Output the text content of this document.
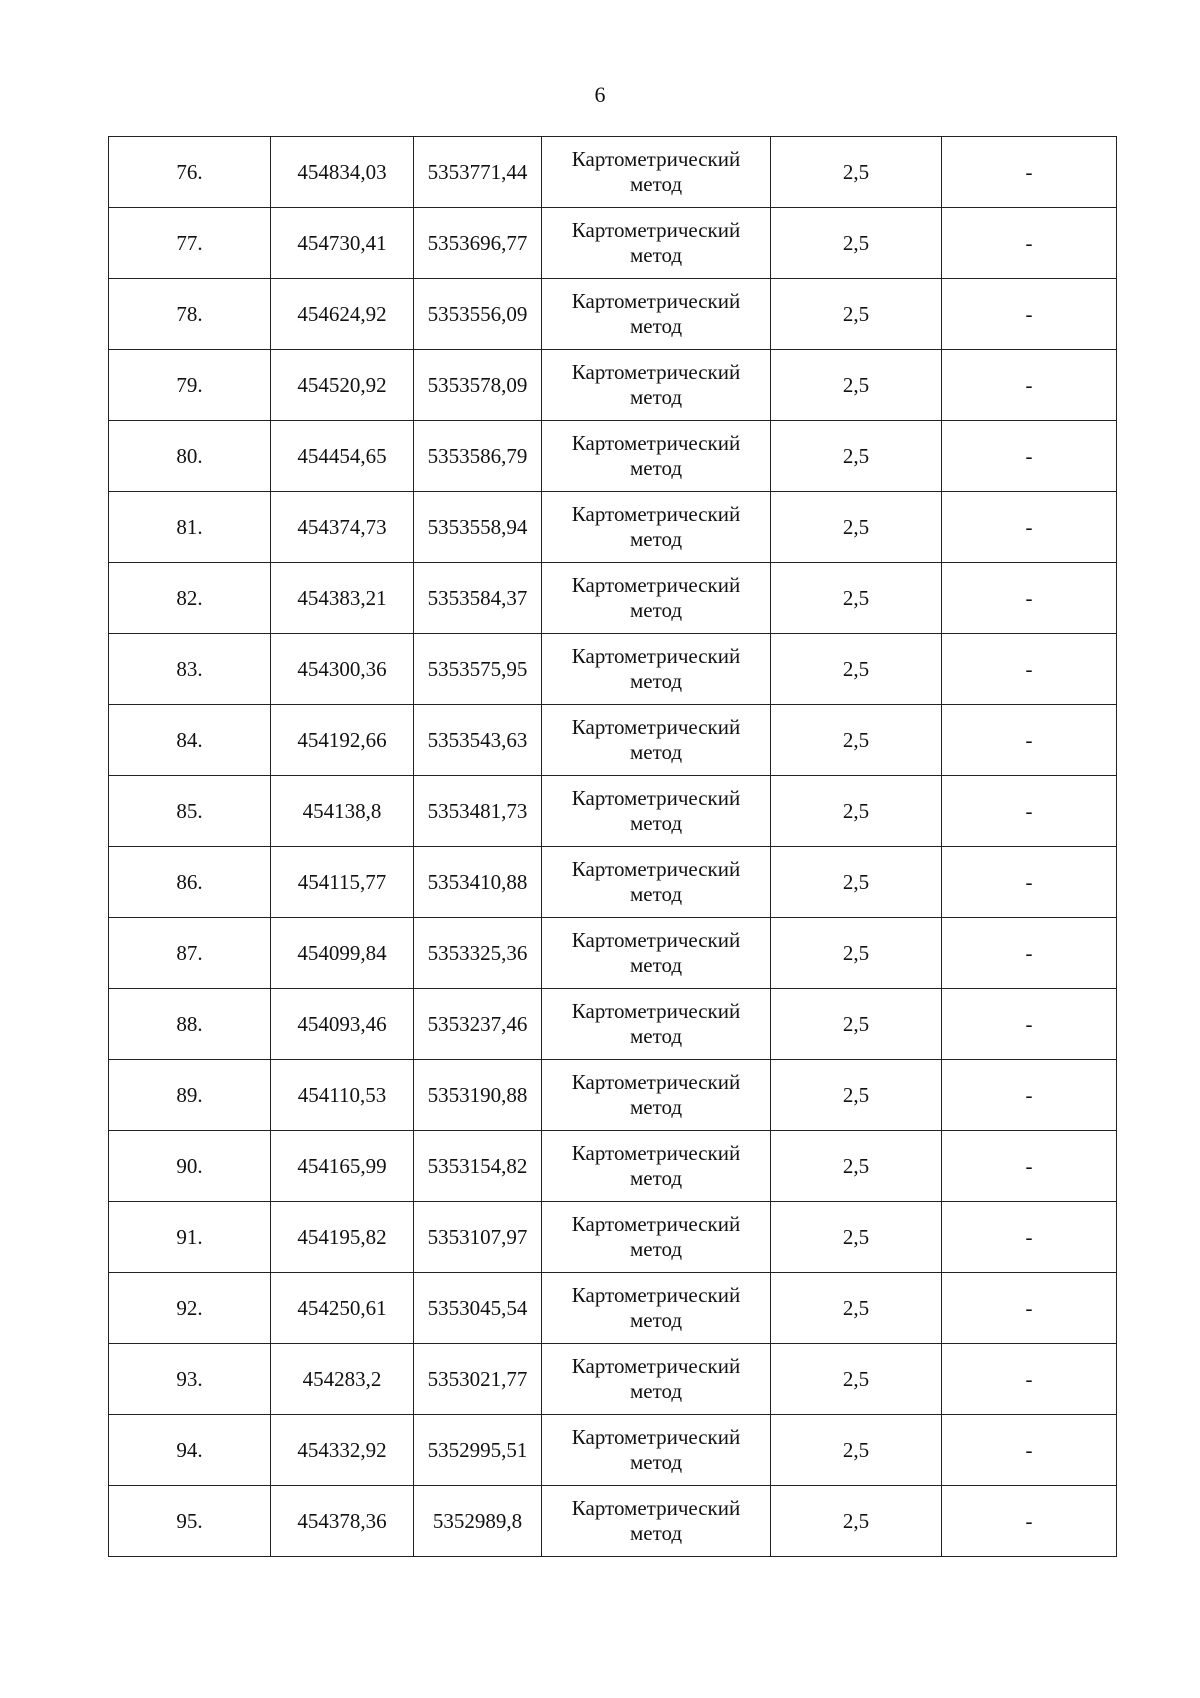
6
76.	454834,03	5353771,44	Картометрический метод	2,5	-
77.	454730,41	5353696,77	Картометрический метод	2,5	-
78.	454624,92	5353556,09	Картометрический метод	2,5	-
79.	454520,92	5353578,09	Картометрический метод	2,5	-
80.	454454,65	5353586,79	Картометрический метод	2,5	-
81.	454374,73	5353558,94	Картометрический метод	2,5	-
82.	454383,21	5353584,37	Картометрический метод	2,5	-
83.	454300,36	5353575,95	Картометрический метод	2,5	-
84.	454192,66	5353543,63	Картометрический метод	2,5	-
85.	454138,8	5353481,73	Картометрический метод	2,5	-
86.	454115,77	5353410,88	Картометрический метод	2,5	-
87.	454099,84	5353325,36	Картометрический метод	2,5	-
88.	454093,46	5353237,46	Картометрический метод	2,5	-
89.	454110,53	5353190,88	Картометрический метод	2,5	-
90.	454165,99	5353154,82	Картометрический метод	2,5	-
91.	454195,82	5353107,97	Картометрический метод	2,5	-
92.	454250,61	5353045,54	Картометрический метод	2,5	-
93.	454283,2	5353021,77	Картометрический метод	2,5	-
94.	454332,92	5352995,51	Картометрический метод	2,5	-
95.	454378,36	5352989,8	Картометрический метод	2,5	-
